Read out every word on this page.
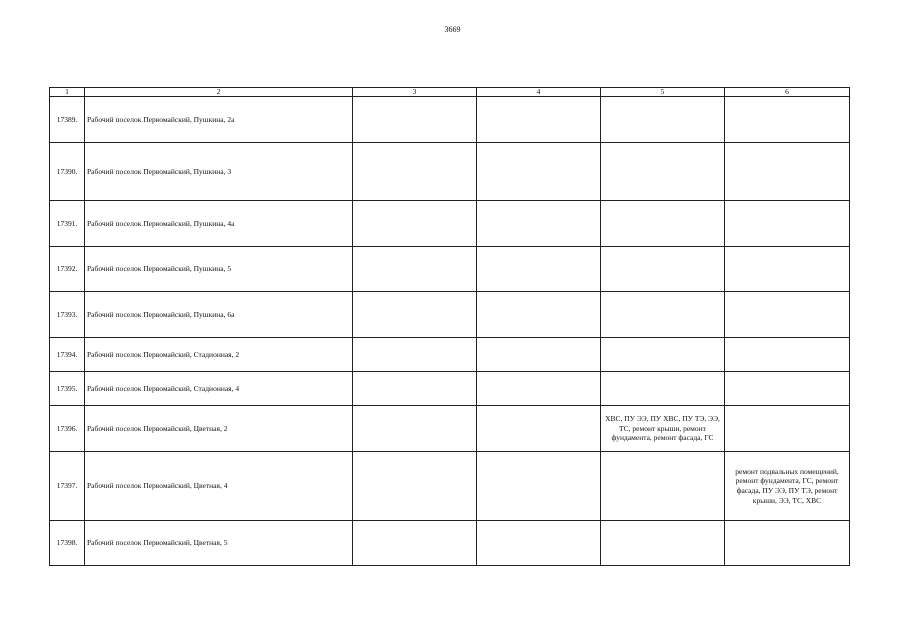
3669
1	2	3	4	5	6
17389.	Рабочий поселок Первомайский, Пушкина, 2а				
17390.	Рабочий поселок Первомайский, Пушкина, 3				
17391.	Рабочий поселок Первомайский, Пушкина, 4а				
17392.	Рабочий поселок Первомайский, Пушкина, 5				
17393.	Рабочий поселок Первомайский, Пушкина, 6а				
17394.	Рабочий поселок Первомайский, Стадионная, 2				
17395.	Рабочий поселок Первомайский, Стадионная, 4				
17396.	Рабочий поселок Первомайский, Цветная, 2			ХВС, ПУ ЭЭ, ПУ ХВС, ПУ ТЭ, ЭЭ, ТС, ремонт крыши, ремонт фундамента, ремонт фасада, ГС	
17397.	Рабочий поселок Первомайский, Цветная, 4				ремонт подвальных помещений, ремонт фундамента, ГС, ремонт фасада, ПУ ЭЭ, ПУ ТЭ, ремонт крыши, ЭЭ, ТС, ХВС
17398.	Рабочий поселок Первомайский, Цветная, 5				
